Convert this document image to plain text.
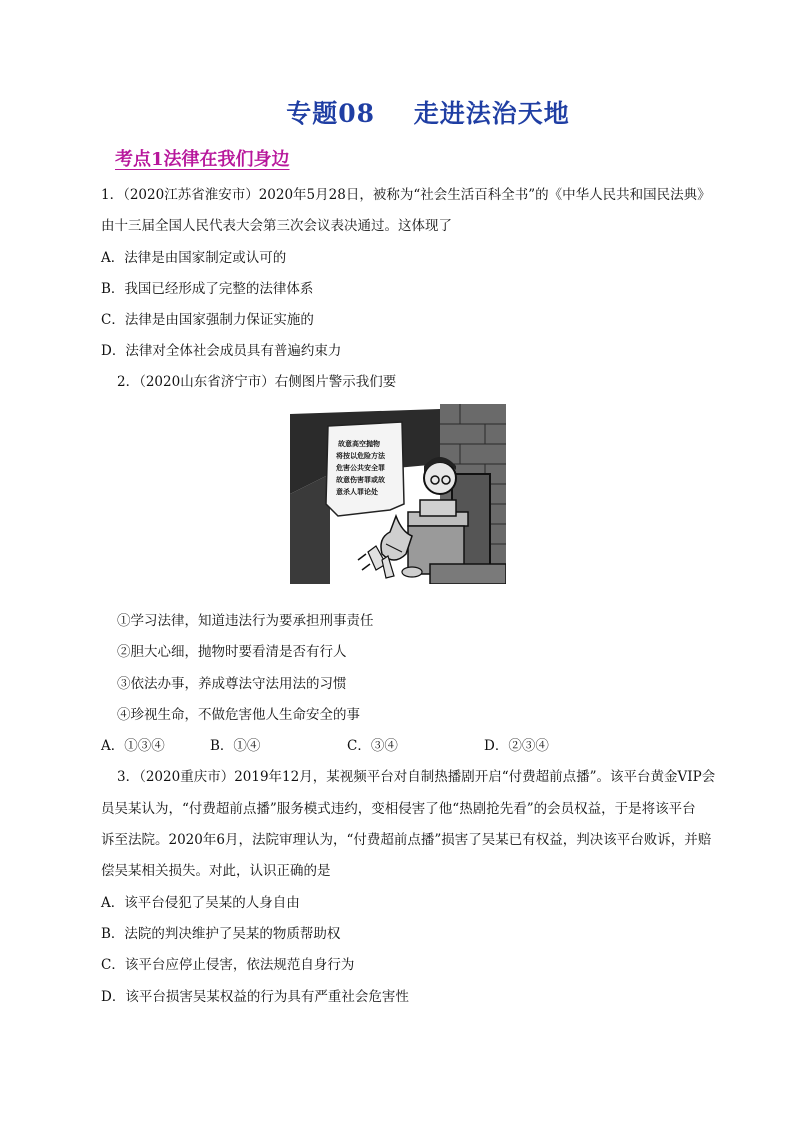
专题08    走进法治天地
考点1法律在我们身边
1．（2020江苏省淮安市）2020年5月28日，被称为“社会生活百科全书”的《中华人民共和国民法典》
由十三届全国人民代表大会第三次会议表决通过。这体现了
A．法律是由国家制定或认可的
B．我国已经形成了完整的法律体系
C．法律是由国家强制力保证实施的
D．法律对全体社会成员具有普遍约束力
2．（2020山东省济宁市）右侧图片警示我们要
故意高空抛物
将按以危险方法
危害公共安全罪
故意伤害罪或故
意杀人罪论处
①学习法律，知道违法行为要承担刑事责任
②胆大心细，抛物时要看清是否有行人
③依法办事，养成尊法守法用法的习惯
④珍视生命，不做危害他人生命安全的事
A．①③④	B．①④	C．③④	D．②③④
3．（2020重庆市）2019年12月，某视频平台对自制热播剧开启“付费超前点播”。该平台黄金VIP会
员吴某认为，“付费超前点播”服务模式违约，变相侵害了他“热剧抢先看”的会员权益，于是将该平台
诉至法院。2020年6月，法院审理认为，“付费超前点播”损害了吴某已有权益，判决该平台败诉，并赔
偿吴某相关损失。对此，认识正确的是
A．该平台侵犯了吴某的人身自由
B．法院的判决维护了吴某的物质帮助权
C．该平台应停止侵害，依法规范自身行为
D．该平台损害吴某权益的行为具有严重社会危害性
